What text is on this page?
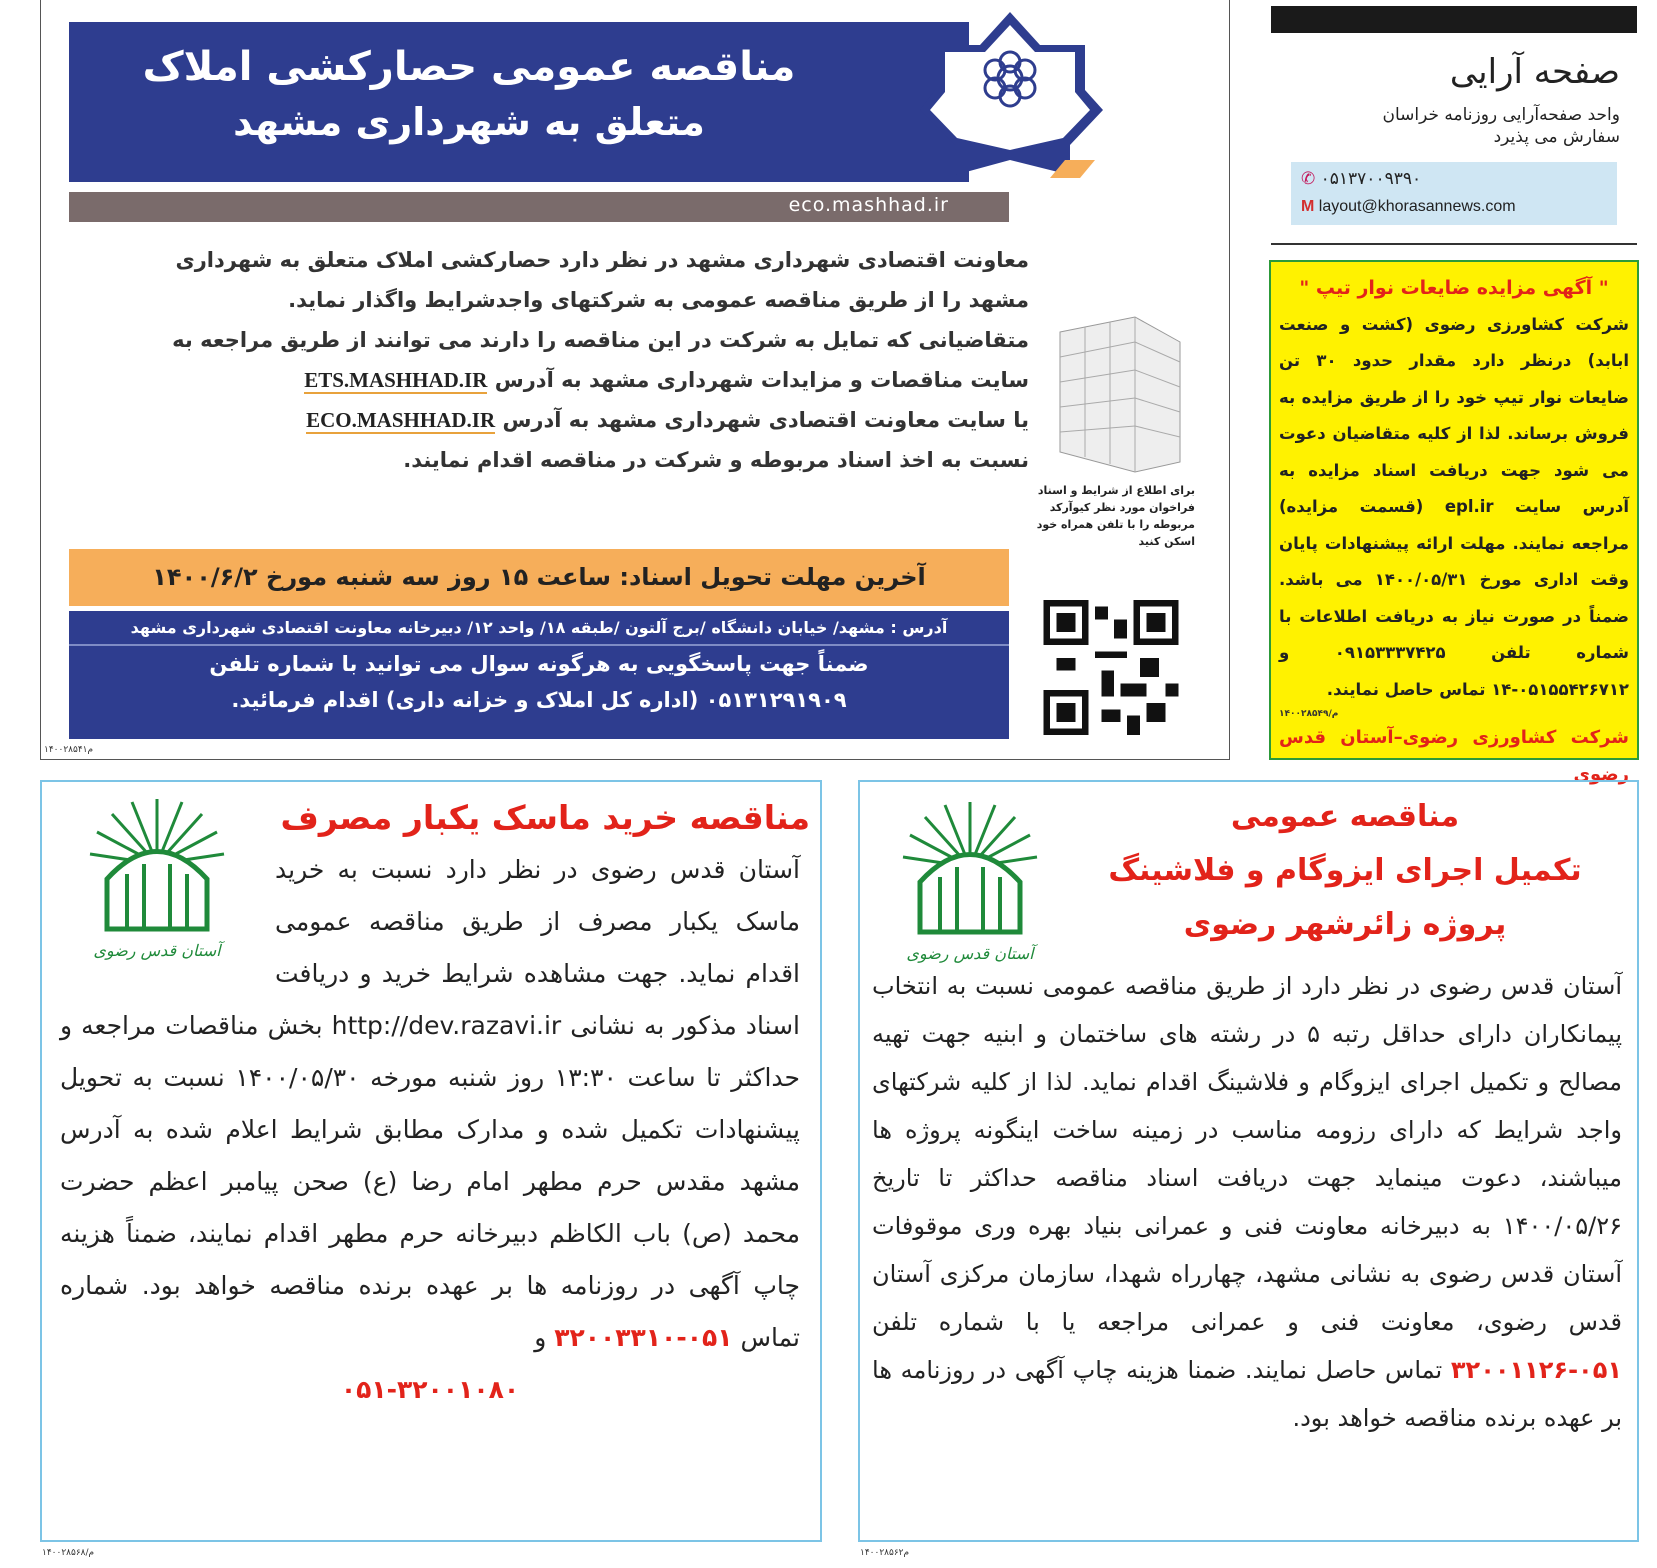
مناقصه عمومی حصارکشی املاک
متعلق به شهرداری مشهد
eco.mashhad.ir
معاونت اقتصادی شهرداری مشهد در نظر دارد حصارکشی املاک متعلق به شهرداری
مشهد را از طریق مناقصه عمومی به شرکتهای واجدشرایط واگذار نماید.
متقاضیانی که تمایل به شرکت در این مناقصه را دارند می توانند از طریق مراجعه به
سایت مناقصات و مزایدات شهرداری مشهد به آدرس ETS.MASHHAD.IR
یا سایت معاونت اقتصادی شهرداری مشهد به آدرس ECO.MASHHAD.IR
نسبت به اخذ اسناد مربوطه و شرکت در مناقصه اقدام نمایند.
برای اطلاع از شرایط و اسناد فراخوان مورد نظر کیوآرکد مربوطه را با تلفن همراه خود اسکن کنید
آخرین مهلت تحویل اسناد: ساعت ۱۵ روز سه شنبه مورخ ۱۴۰۰/۶/۲
آدرس : مشهد/ خیابان دانشگاه /برج آلتون /طبقه ۱۸/ واحد ۱۲/ دبیرخانه معاونت اقتصادی شهرداری مشهد
ضمناً جهت پاسخگویی به هرگونه سوال می توانید با شماره تلفن
۰۵۱۳۱۲۹۱۹۰۹ (اداره کل املاک و خزانه داری) اقدام فرمائید.
م۱۴۰۰۲۸۵۴۱
صفحه آرایی
واحد صفحه‌آرایی روزنامه خراسان
سفارش می پذیرد
✆ ۰۵۱۳۷۰۰۹۳۹۰
M layout@khorasannews.com
" آگهی مزایده ضایعات نوار تیپ "
شرکت کشاورزی رضوی (کشت و صنعت ابابد) درنظر دارد مقدار حدود ۳۰ تن ضایعات نوار تیپ خود را از طریق مزایده به فروش برساند. لذا از کلیه متقاضیان دعوت می شود جهت دریافت اسناد مزایده به آدرس سایت epl.ir (قسمت مزایده) مراجعه نمایند. مهلت ارائه پیشنهادات پایان وقت اداری مورخ ۱۴۰۰/۰۵/۳۱ می باشد. ضمناً در صورت نیاز به دریافت اطلاعات با شماره تلفن ۰۹۱۵۳۳۳۷۴۲۵ و ۰۵۱۵۵۴۲۶۷۱۲-۱۴ تماس حاصل نمایند.
م/۱۴۰۰۲۸۵۴۹
شرکت کشاورزی رضوی–آستان قدس رضوی
آستان قدس رضوی
مناقصه خرید ماسک یکبار مصرف
آستان قدس رضوی در نظر دارد نسبت به خرید ماسک یکبار مصرف از طریق مناقصه عمومی اقدام نماید. جهت مشاهده شرایط خرید و دریافت اسناد مذکور به نشانی http://dev.razavi.ir بخش مناقصات مراجعه و حداکثر تا ساعت ۱۳:۳۰ روز شنبه مورخه ۱۴۰۰/۰۵/۳۰ نسبت به تحویل پیشنهادات تکمیل شده و مدارک مطابق شرایط اعلام شده به آدرس مشهد مقدس حرم مطهر امام رضا (ع) صحن پیامبر اعظم حضرت محمد (ص) باب الکاظم دبیرخانه حرم مطهر اقدام نمایند، ضمناً هزینه چاپ آگهی در روزنامه ها بر عهده برنده مناقصه خواهد بود. شماره تماس ۰۵۱-۳۲۰۰۳۳۱۰ و
۰۵۱-۳۲۰۰۱۰۸۰
م/۱۴۰۰۲۸۵۶۸
آستان قدس رضوی
مناقصه عمومی
تکمیل اجرای ایزوگام و فلاشینگ
پروژه زائرشهر رضوی
آستان قدس رضوی در نظر دارد از طریق مناقصه عمومی نسبت به انتخاب پیمانکاران دارای حداقل رتبه ۵ در رشته های ساختمان و ابنیه جهت تهیه مصالح و تکمیل اجرای ایزوگام و فلاشینگ اقدام نماید. لذا از کلیه شرکتهای واجد شرایط که دارای رزومه مناسب در زمینه ساخت اینگونه پروژه ها میباشند، دعوت مینماید جهت دریافت اسناد مناقصه حداکثر تا تاریخ ۱۴۰۰/۰۵/۲۶ به دبیرخانه معاونت فنی و عمرانی بنیاد بهره وری موقوفات آستان قدس رضوی به نشانی مشهد، چهارراه شهدا، سازمان مرکزی آستان قدس رضوی، معاونت فنی و عمرانی مراجعه یا با شماره تلفن ۰۵۱-۳۲۰۰۱۱۲۶ تماس حاصل نمایند. ضمنا هزینه چاپ آگهی در روزنامه ها بر عهده برنده مناقصه خواهد بود.
م۱۴۰۰۲۸۵۶۲
